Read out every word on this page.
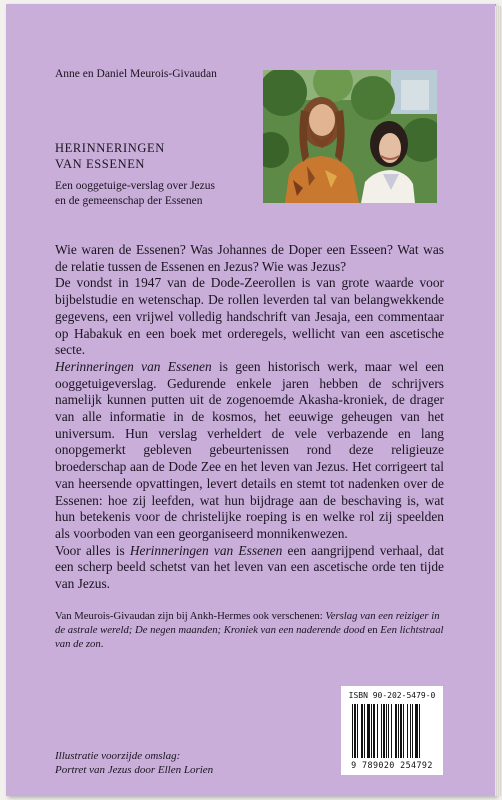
Anne en Daniel Meurois-Givaudan
HERINNERINGEN
VAN ESSENEN
Een ooggetuige-verslag over Jezus
en de gemeenschap der Essenen

Wie waren de Essenen? Was Johannes de Doper een Esseen? Wat was de relatie tussen de Essenen en Jezus? Wie was Jezus?

De vondst in 1947 van de Dode-Zeerollen is van grote waarde voor bijbelstudie en wetenschap. De rollen leverden tal van belangwekkende gegevens, een vrijwel volledig handschrift van Jesaja, een commentaar op Habakuk en een boek met orderegels, wellicht van een ascetische secte.

Herinneringen van Essenen is geen historisch werk, maar wel een ooggetuigeverslag. Gedurende enkele jaren hebben de schrijvers namelijk kunnen putten uit de zogenoemde Akasha-kroniek, de drager van alle informatie in de kosmos, het eeuwige geheugen van het universum. Hun verslag verheldert de vele verbazende en lang onopgemerkt gebleven gebeurtenissen rond deze religieuze broederschap aan de Dode Zee en het leven van Jezus. Het corrigeert tal van heersende opvattingen, levert details en stemt tot nadenken over de Essenen: hoe zij leefden, wat hun bijdrage aan de beschaving is, wat hun betekenis voor de christelijke roeping is en welke rol zij speelden als voorboden van een georganiseerd monnikenwezen.

Voor alles is Herinneringen van Essenen een aangrijpend verhaal, dat een scherp beeld schetst van het leven van een ascetische orde ten tijde van Jezus.

Van Meurois-Givaudan zijn bij Ankh-Hermes ook verschenen: Verslag van een reiziger in de astrale wereld; De negen maanden; Kroniek van een naderende dood en Een lichtstraal van de zon.
ISBN 90-202-5479-0
9 789020 254792
Illustratie voorzijde omslag:
Portret van Jezus door Ellen Lorien
